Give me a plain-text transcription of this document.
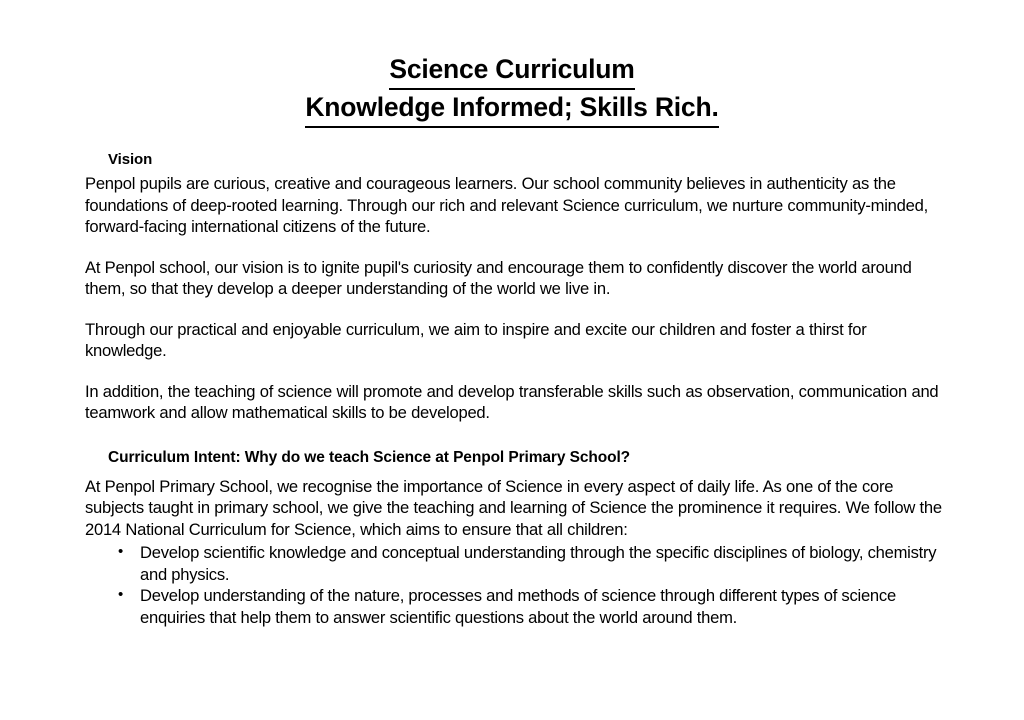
Science Curriculum
Knowledge Informed; Skills Rich.
Vision

Penpol pupils are curious, creative and courageous learners. Our school community believes in authenticity as the foundations of deep-rooted learning. Through our rich and relevant Science curriculum, we nurture community-minded, forward-facing international citizens of the future.

At Penpol school, our vision is to ignite pupil's curiosity and encourage them to confidently discover the world around them, so that they develop a deeper understanding of the world we live in.

Through our practical and enjoyable curriculum, we aim to inspire and excite our children and foster a thirst for knowledge.

In addition, the teaching of science will promote and develop transferable skills such as observation, communication and teamwork and allow mathematical skills to be developed.

Curriculum Intent: Why do we teach Science at Penpol Primary School?

At Penpol Primary School, we recognise the importance of Science in every aspect of daily life. As one of the core subjects taught in primary school, we give the teaching and learning of Science the prominence it requires. We follow the 2014 National Curriculum for Science, which aims to ensure that all children:

• Develop scientific knowledge and conceptual understanding through the specific disciplines of biology, chemistry and physics.
• Develop understanding of the nature, processes and methods of science through different types of science enquiries that help them to answer scientific questions about the world around them.
